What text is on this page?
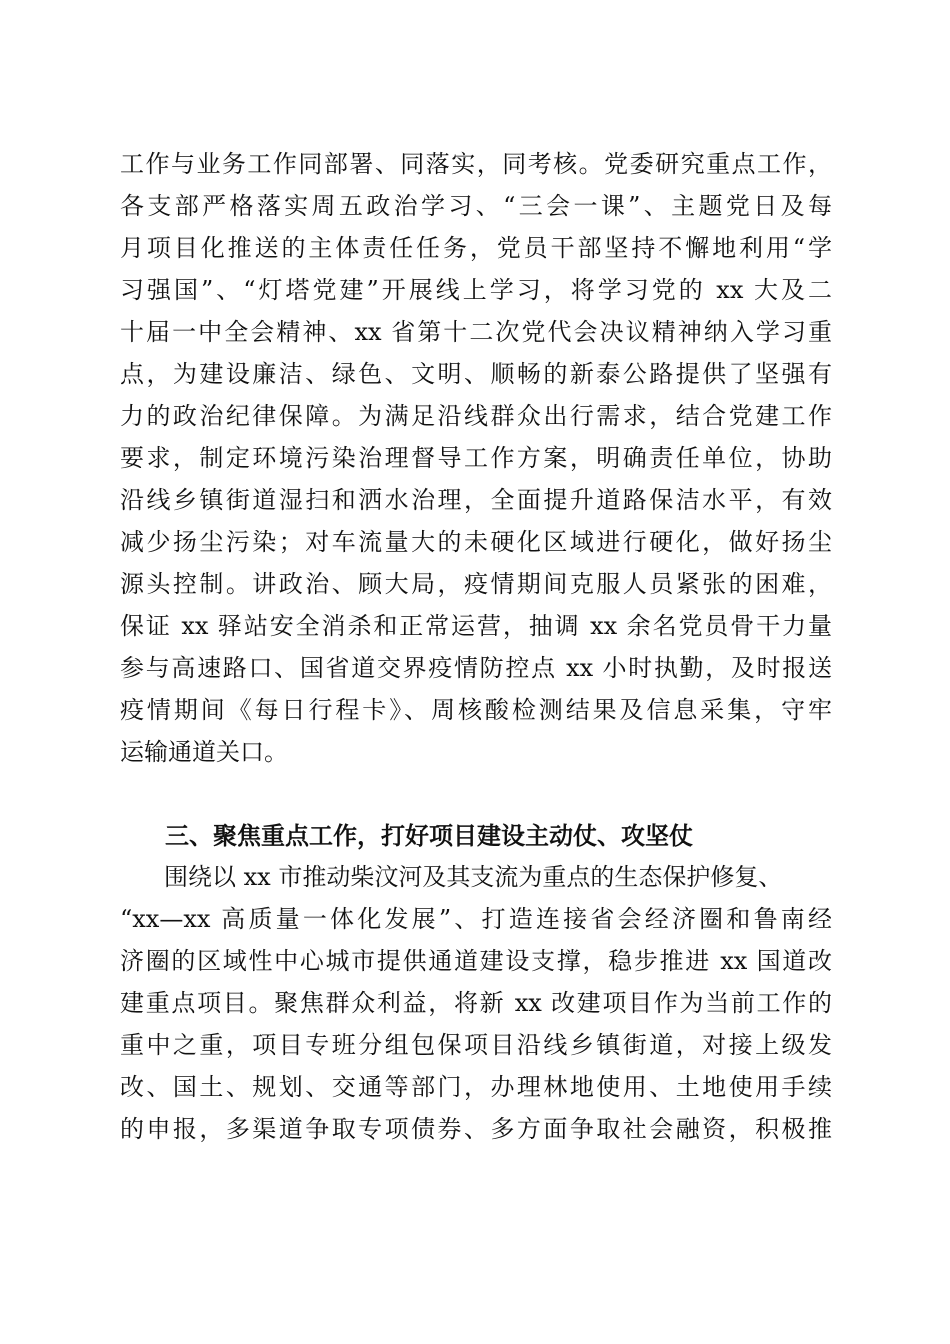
工作与业务工作同部署、同落实，同考核。党委研究重点工作，
各支部严格落实周五政治学习、“三会一课”、主题党日及每
月项目化推送的主体责任任务，党员干部坚持不懈地利用“学
习强国”、“灯塔党建”开展线上学习，将学习党的 xx 大及二
十届一中全会精神、xx 省第十二次党代会决议精神纳入学习重
点，为建设廉洁、绿色、文明、顺畅的新泰公路提供了坚强有
力的政治纪律保障。为满足沿线群众出行需求，结合党建工作
要求，制定环境污染治理督导工作方案，明确责任单位，协助
沿线乡镇街道湿扫和洒水治理，全面提升道路保洁水平，有效
减少扬尘污染；对车流量大的未硬化区域进行硬化，做好扬尘
源头控制。讲政治、顾大局，疫情期间克服人员紧张的困难，
保证 xx 驿站安全消杀和正常运营，抽调 xx 余名党员骨干力量
参与高速路口、国省道交界疫情防控点 xx 小时执勤，及时报送
疫情期间《每日行程卡》、周核酸检测结果及信息采集，守牢
运输通道关口。
三、聚焦重点工作，打好项目建设主动仗、攻坚仗
围绕以 xx 市推动柴汶河及其支流为重点的生态保护修复、
“xx—xx 高质量一体化发展”、打造连接省会经济圈和鲁南经
济圈的区域性中心城市提供通道建设支撑，稳步推进 xx 国道改
建重点项目。聚焦群众利益，将新 xx 改建项目作为当前工作的
重中之重，项目专班分组包保项目沿线乡镇街道，对接上级发
改、国土、规划、交通等部门，办理林地使用、土地使用手续
的申报，多渠道争取专项债券、多方面争取社会融资，积极推
